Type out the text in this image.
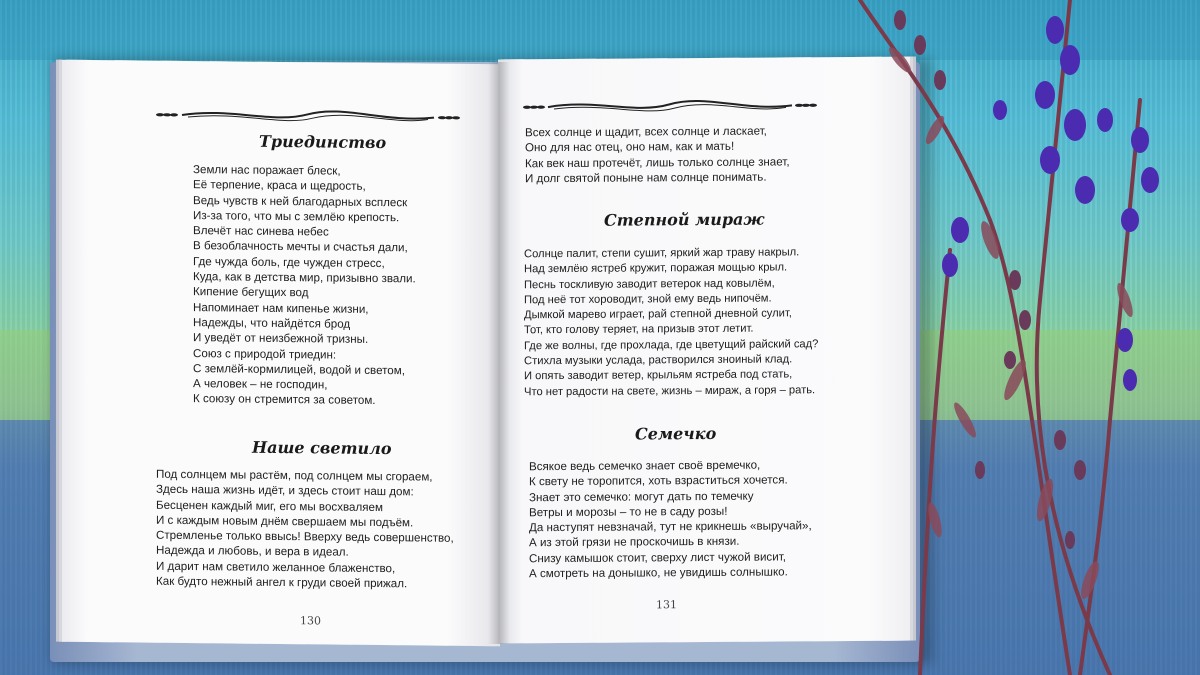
Триединство
Земли нас поражает блеск,
Её терпение, краса и щедрость,
Ведь чувств к ней благодарных всплеск
Из-за того, что мы с землёю крепость.
Влечёт нас синева небес
В безоблачность мечты и счастья дали,
Где чужда боль, где чужден стресс,
Куда, как в детства мир, призывно звали.
Кипение бегущих вод
Напоминает нам кипенье жизни,
Надежды, что найдётся брод
И уведёт от неизбежной тризны.
Союз с природой триедин:
С землёй-кормилицей, водой и светом,
А человек – не господин,
К союзу он стремится за советом.
Наше светило
Под солнцем мы растём, под солнцем мы сгораем,
Здесь наша жизнь идёт, и здесь стоит наш дом:
Бесценен каждый миг, его мы восхваляем
И с каждым новым днём свершаем мы подъём.
Стремленье только ввысь! Вверху ведь совершенство,
Надежда и любовь, и вера в идеал.
И дарит нам светило желанное блаженство,
Как будто нежный ангел к груди своей прижал.
130
Всех солнце и щадит, всех солнце и ласкает,
Оно для нас отец, оно нам, как и мать!
Как век наш протечёт, лишь только солнце знает,
И долг святой поныне нам солнце понимать.
Степной мираж
Солнце палит, степи сушит, яркий жар траву накрыл.
Над землёю ястреб кружит, поражая мощью крыл.
Песнь тоскливую заводит ветерок над ковылём,
Под неё тот хороводит, зной ему ведь нипочём.
Дымкой марево играет, рай степной дневной сулит,
Тот, кто голову теряет, на призыв этот летит.
Где же волны, где прохлада, где цветущий райский сад?
Стихла музыки услада, растворился зноиный клад.
И опять заводит ветер, крыльям ястреба под стать,
Что нет радости на свете, жизнь – мираж, а горя – рать.
Семечко
Всякое ведь семечко знает своё времечко,
К свету не торопится, хоть взраститься хочется.
Знает это семечко: могут дать по темечку
Ветры и морозы – то не в саду розы!
Да наступят невзначай, тут не крикнешь «выручай»,
А из этой грязи не проскочишь в князи.
Снизу камышок стоит, сверху лист чужой висит,
А смотреть на донышко, не увидишь солнышко.
131
